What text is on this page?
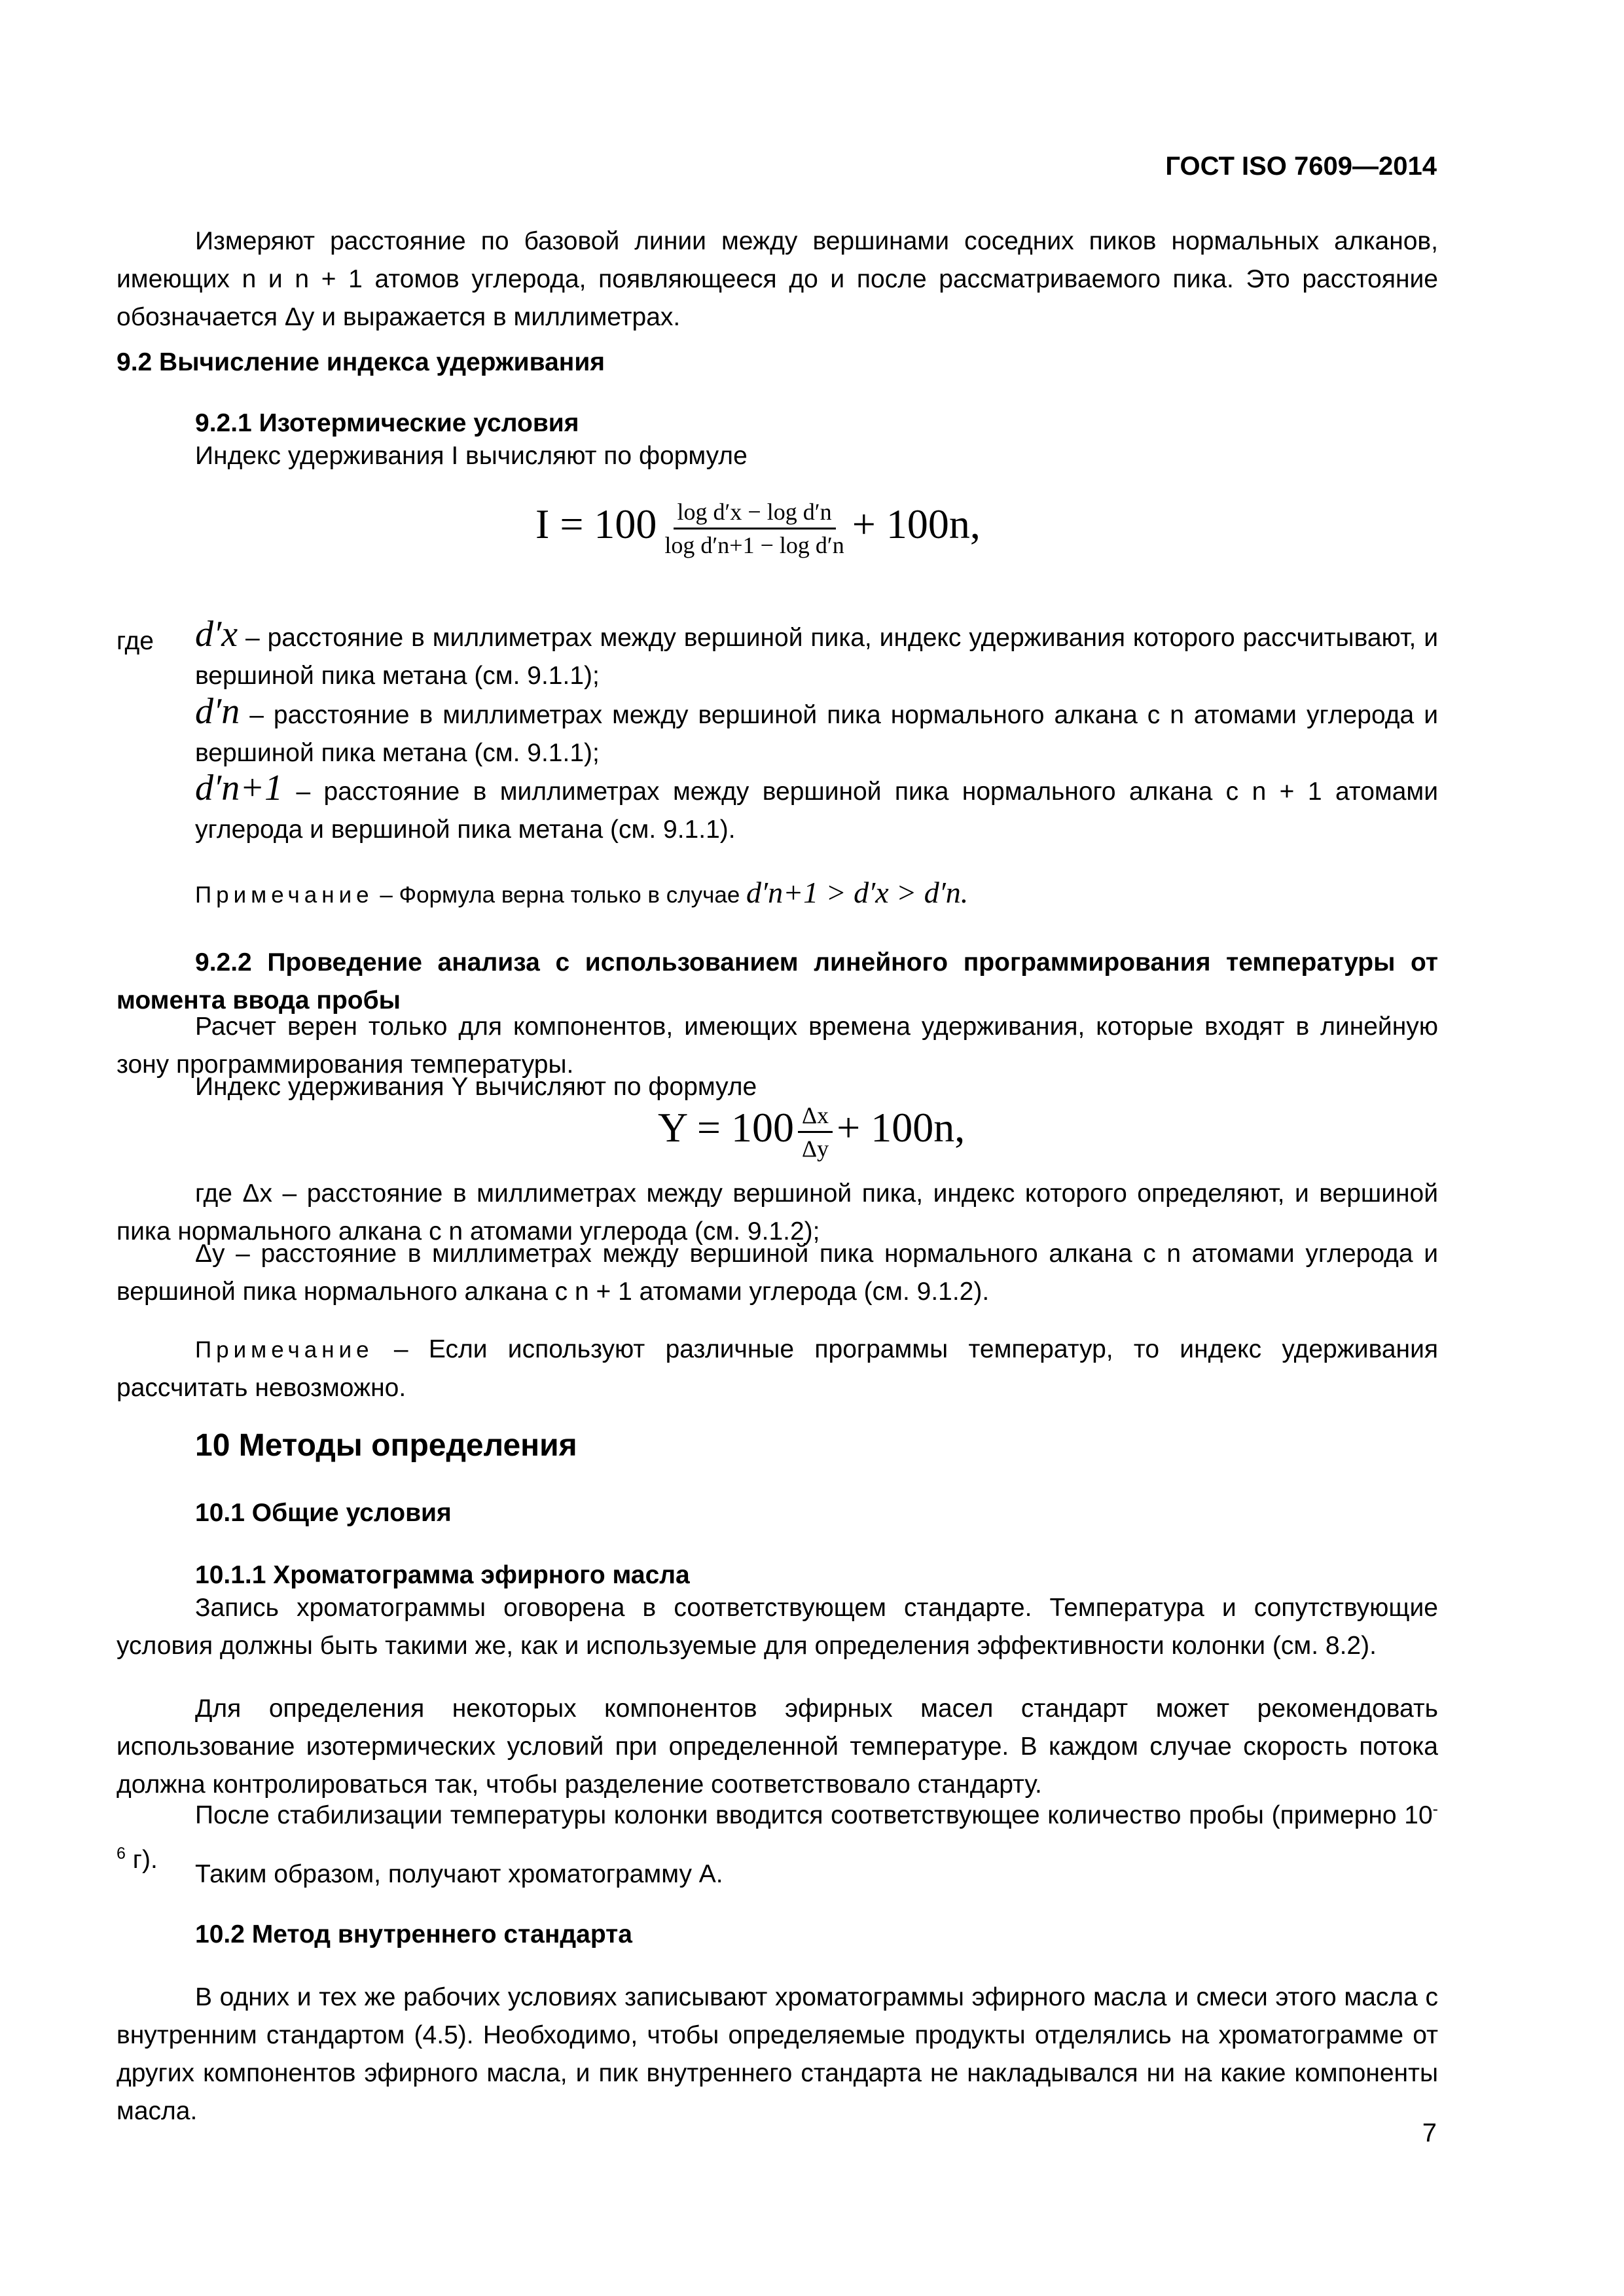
ГОСТ ISO 7609—2014
Измеряют расстояние по базовой линии между вершинами соседних пиков нормальных алканов, имеющих n и n + 1 атомов углерода, появляющееся до и после рассматриваемого пика. Это расстояние обозначается Δy и выражается в миллиметрах.
9.2 Вычисление индекса удерживания
9.2.1 Изотермические условия
Индекс удерживания I вычисляют по формуле
$I = 100 \frac{\text{log d′x − log d′n}}{\text{log d′n+1 − log d′n}} + 100n$,
где d′x – расстояние в миллиметрах между вершиной пика, индекс удерживания которого рассчитывают, и вершиной пика метана (см. 9.1.1);
d′n – расстояние в миллиметрах между вершиной пика нормального алкана с n атомами углерода и вершиной пика метана (см. 9.1.1);
d′n+1 – расстояние в миллиметрах между вершиной пика нормального алкана с n + 1 атомами углерода и вершиной пика метана (см. 9.1.1).
Примечание – Формула верна только в случае d′n+1 > d′x > d′n.
9.2.2 Проведение анализа с использованием линейного программирования температуры от момента ввода пробы
Расчет верен только для компонентов, имеющих времена удерживания, которые входят в линейную зону программирования температуры.
Индекс удерживания Y вычисляют по формуле
$Y = 100 \frac{\Delta x}{\Delta y} + 100n$,
где Δx – расстояние в миллиметрах между вершиной пика, индекс которого определяют, и вершиной пика нормального алкана с n атомами углерода (см. 9.1.2);
Δy – расстояние в миллиметрах между вершиной пика нормального алкана с n атомами углерода и вершиной пика нормального алкана с n + 1 атомами углерода (см. 9.1.2).
Примечание – Если используют различные программы температур, то индекс удерживания рассчитать невозможно.
10 Методы определения
10.1 Общие условия
10.1.1 Хроматограмма эфирного масла
Запись хроматограммы оговорена в соответствующем стандарте. Температура и сопутствующие условия должны быть такими же, как и используемые для определения эффективности колонки (см. 8.2).
Для определения некоторых компонентов эфирных масел стандарт может рекомендовать использование изотермических условий при определенной температуре. В каждом случае скорость потока должна контролироваться так, чтобы разделение соответствовало стандарту.
После стабилизации температуры колонки вводится соответствующее количество пробы (примерно $10^{-6}$ г).
Таким образом, получают хроматограмму А.
10.2 Метод внутреннего стандарта
В одних и тех же рабочих условиях записывают хроматограммы эфирного масла и смеси этого масла с внутренним стандартом (4.5). Необходимо, чтобы определяемые продукты отделялись на хроматограмме от других компонентов эфирного масла, и пик внутреннего стандарта не накладывался ни на какие компоненты масла.
7
